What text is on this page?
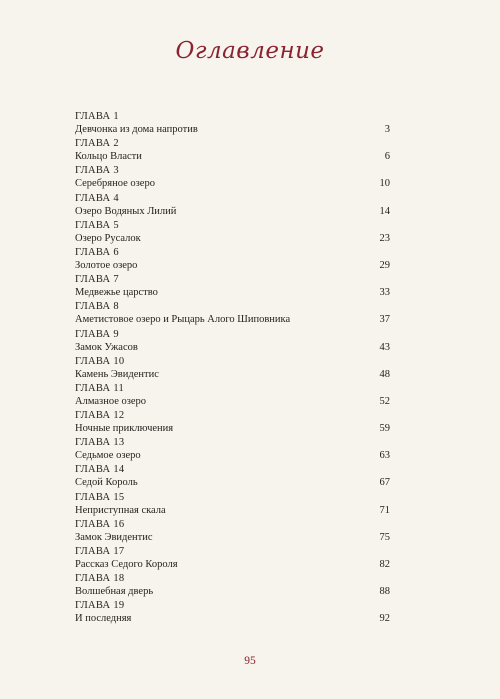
Оглавление
ГЛАВА 1
Девчонка из дома напротив	3
ГЛАВА 2
Кольцо Власти	6
ГЛАВА 3
Серебряное озеро	10
ГЛАВА 4
Озеро Водяных Лилий	14
ГЛАВА 5
Озеро Русалок	23
ГЛАВА 6
Золотое озеро	29
ГЛАВА 7
Медвежье царство	33
ГЛАВА 8
Аметистовое озеро и Рыцарь Алого Шиповника	37
ГЛАВА 9
Замок Ужасов	43
ГЛАВА 10
Камень Эвидентис	48
ГЛАВА 11
Алмазное озеро	52
ГЛАВА 12
Ночные приключения	59
ГЛАВА 13
Седьмое озеро	63
ГЛАВА 14
Седой Король	67
ГЛАВА 15
Неприступная скала	71
ГЛАВА 16
Замок Эвидентис	75
ГЛАВА 17
Рассказ Седого Короля	82
ГЛАВА 18
Волшебная дверь	88
ГЛАВА 19
И последняя	92
95
